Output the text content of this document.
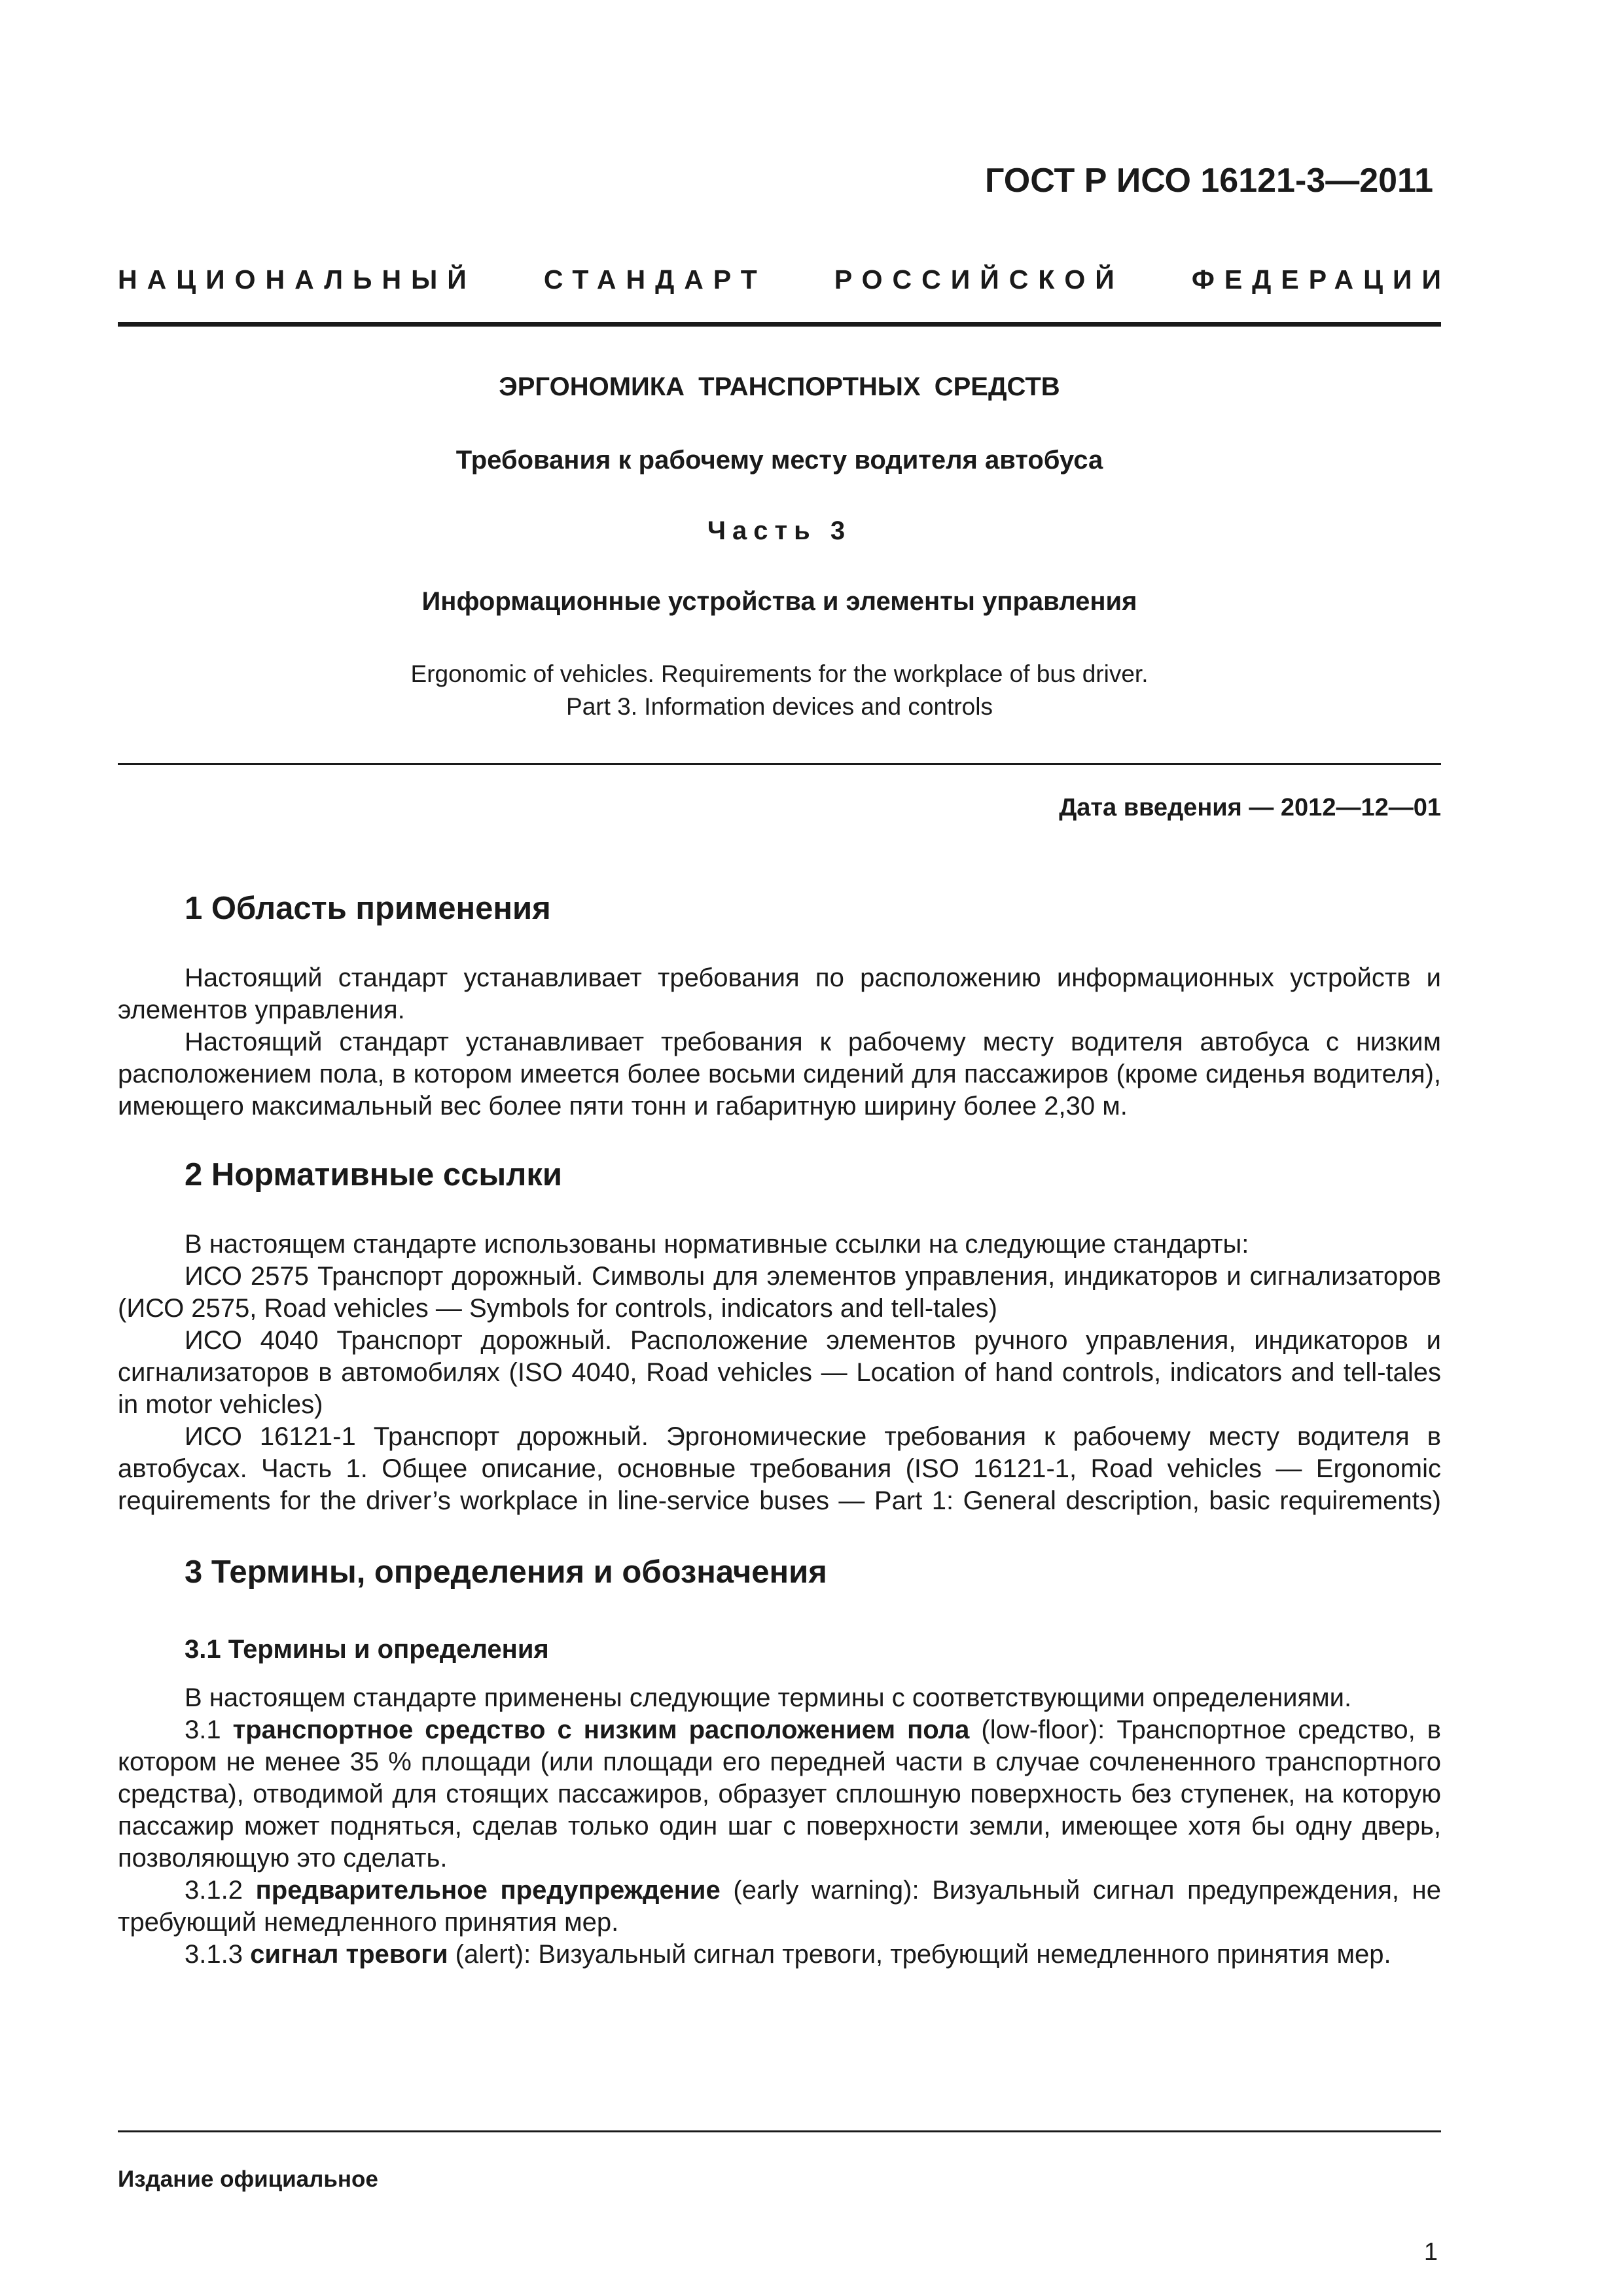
ГОСТ Р ИСО 16121-3—2011
НАЦИОНАЛЬНЫЙ	СТАНДАРТ	РОССИЙСКОЙ	ФЕДЕРАЦИИ
ЭРГОНОМИКА ТРАНСПОРТНЫХ СРЕДСТВ
Требования к рабочему месту водителя автобуса
Часть 3
Информационные устройства и элементы управления
Ergonomic of vehicles. Requirements for the workplace of bus driver.
Part 3. Information devices and controls
Дата введения — 2012—12—01
1 Область применения
Настоящий стандарт устанавливает требования по расположению информационных устройств и элементов управления.
Настоящий стандарт устанавливает требования к рабочему месту водителя автобуса с низким расположением пола, в котором имеется более восьми сидений для пассажиров (кроме сиденья водителя), имеющего максимальный вес более пяти тонн и габаритную ширину более 2,30 м.
2 Нормативные ссылки
В настоящем стандарте использованы нормативные ссылки на следующие стандарты:
ИСО 2575 Транспорт дорожный. Символы для элементов управления, индикаторов и сигнализаторов (ИСО 2575, Road vehicles — Symbols for controls, indicators and tell-tales)
ИСО 4040 Транспорт дорожный. Расположение элементов ручного управления, индикаторов и сигнализаторов в автомобилях (ISO 4040, Road vehicles — Location of hand controls, indicators and tell-tales in motor vehicles)
ИСО 16121-1 Транспорт дорожный. Эргономические требования к рабочему месту водителя в автобусах. Часть 1. Общее описание, основные требования (ISO 16121-1, Road vehicles — Ergonomic requirements for the driver’s workplace in line-service buses — Part 1: General description, basic requirements)
3 Термины, определения и обозначения
3.1 Термины и определения
В настоящем стандарте применены следующие термины с соответствующими определениями.
3.1 транспортное средство с низким расположением пола (low-floor): Транспортное средство, в котором не менее 35 % площади (или площади его передней части в случае сочлененного транспортного средства), отводимой для стоящих пассажиров, образует сплошную поверхность без ступенек, на которую пассажир может подняться, сделав только один шаг с поверхности земли, имеющее хотя бы одну дверь, позволяющую это сделать.
3.1.2 предварительное предупреждение (early warning): Визуальный сигнал предупреждения, не требующий немедленного принятия мер.
3.1.3 сигнал тревоги (alert): Визуальный сигнал тревоги, требующий немедленного принятия мер.
Издание официальное
1
